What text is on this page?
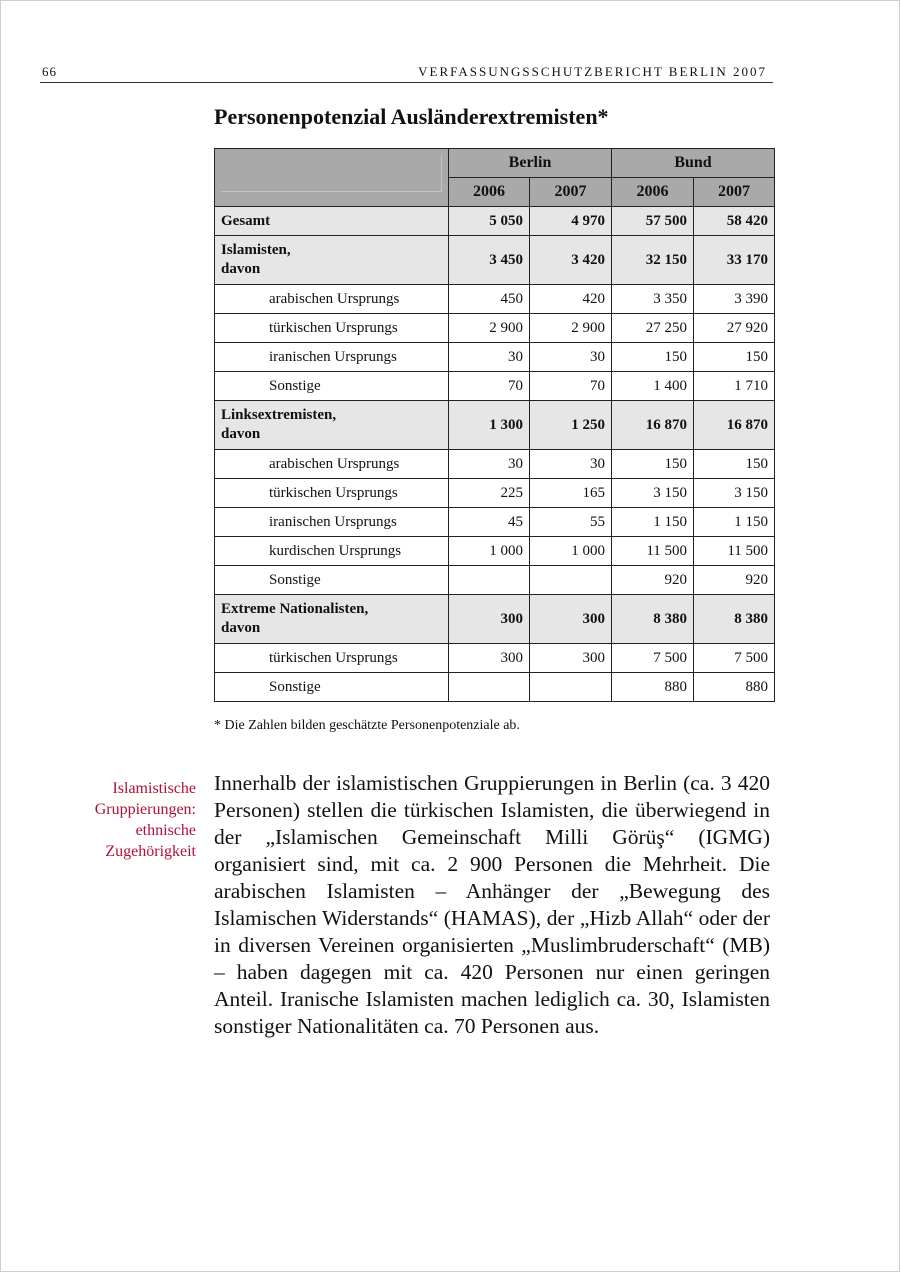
66	VERFASSUNGSSCHUTZBERICHT BERLIN 2007
Personenpotenzial Ausländerextremisten*
	Berlin		Bund	
	2006	2007	2006	2007
Gesamt	5 050	4 970	57 500	58 420
Islamisten,
davon	3 450	3 420	32 150	33 170
arabischen Ursprungs	450	420	3 350	3 390
türkischen Ursprungs	2 900	2 900	27 250	27 920
iranischen Ursprungs	30	30	150	150
Sonstige	70	70	1 400	1 710
Linksextremisten,
davon	1 300	1 250	16 870	16 870
arabischen Ursprungs	30	30	150	150
türkischen Ursprungs	225	165	3 150	3 150
iranischen Ursprungs	45	55	1 150	1 150
kurdischen Ursprungs	1 000	1 000	11 500	11 500
Sonstige			920	920
Extreme Nationalisten,
davon	300	300	8 380	8 380
türkischen Ursprungs	300	300	7 500	7 500
Sonstige			880	880
* Die Zahlen bilden geschätzte Personenpotenziale ab.
Islamistische
Gruppierungen:
ethnische
Zugehörigkeit
Innerhalb der islamistischen Gruppierungen in Berlin (ca. 3 420 Personen) stellen die türkischen Islamisten, die überwiegend in der „Islamischen Gemeinschaft Milli Görüş“ (IGMG) organisiert sind, mit ca. 2 900 Personen die Mehrheit. Die arabischen Islamisten – Anhänger der „Bewegung des Islamischen Widerstands“ (HAMAS), der „Hizb Allah“ oder der in diversen Vereinen organisierten „Muslimbruderschaft“ (MB) – haben dagegen mit ca. 420 Personen nur einen geringen Anteil. Iranische Islamisten machen lediglich ca. 30, Islamisten sonstiger Nationalitäten ca. 70 Personen aus.
